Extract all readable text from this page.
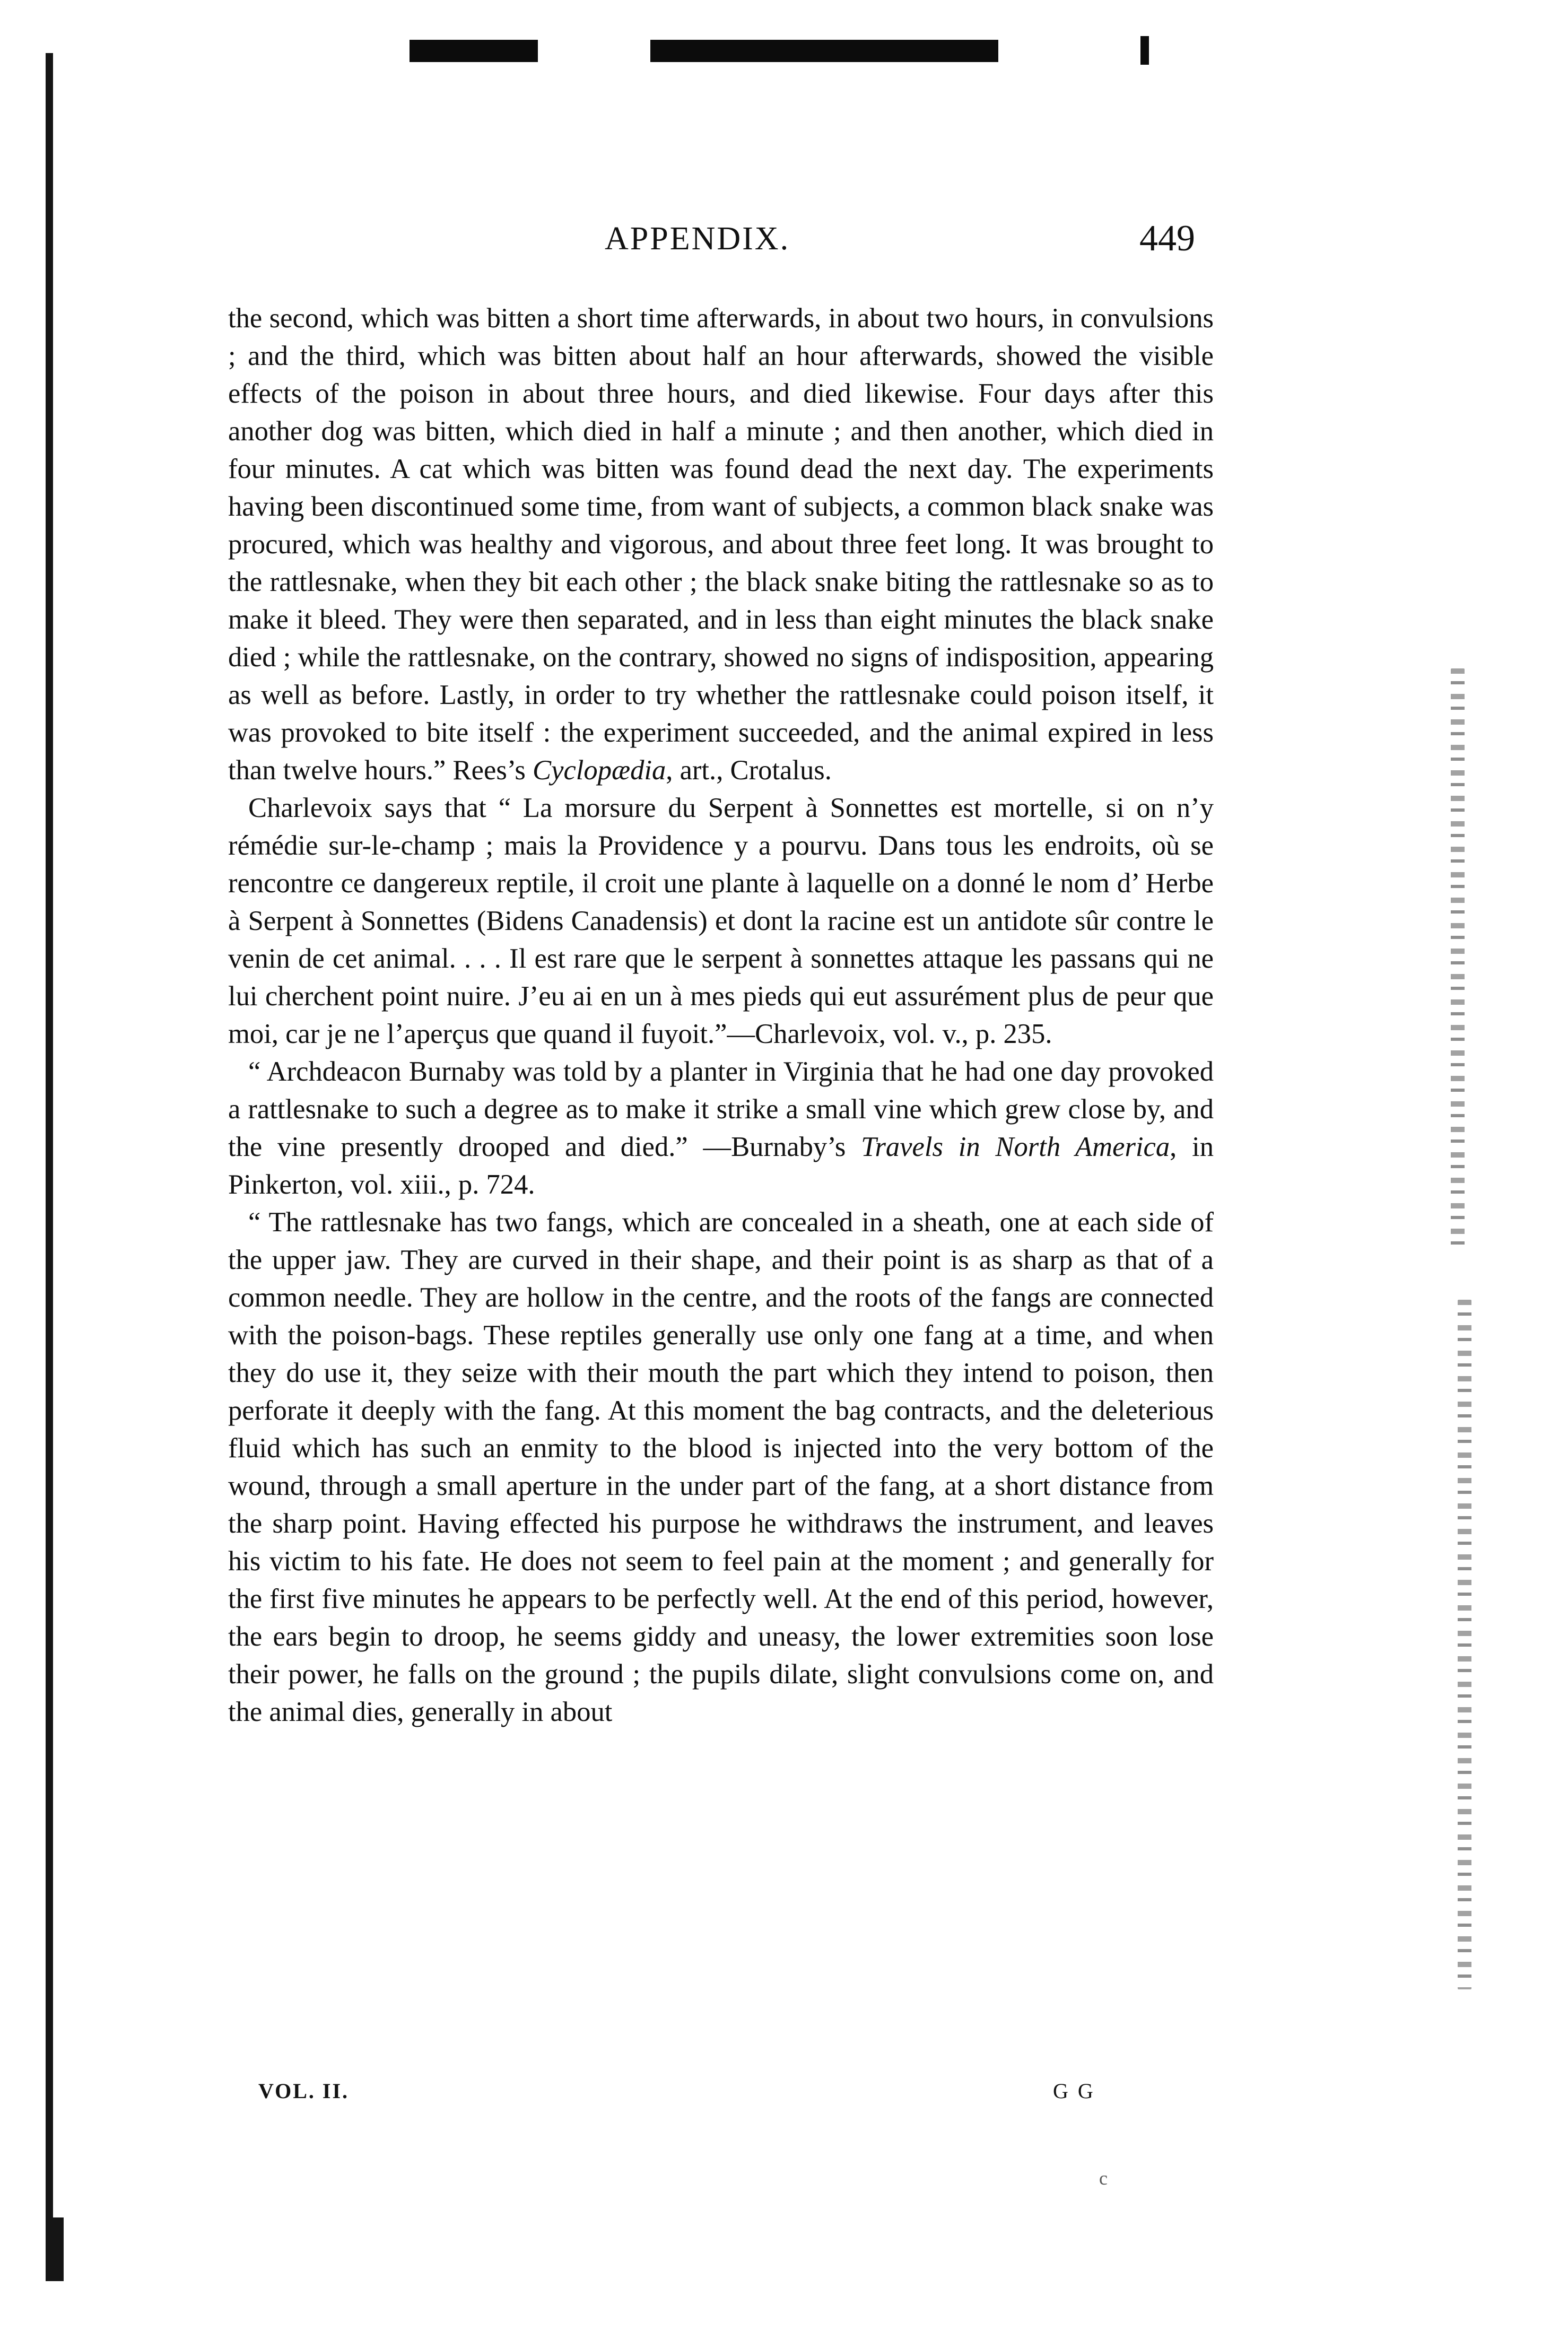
c
APPENDIX.	449

the second, which was bitten a short time afterwards, in about two hours, in convulsions ; and the third, which was bitten about half an hour afterwards, showed the visible effects of the poison in about three hours, and died likewise. Four days after this another dog was bitten, which died in half a minute ; and then another, which died in four minutes. A cat which was bitten was found dead the next day. The experiments having been discontinued some time, from want of subjects, a common black snake was procured, which was healthy and vigorous, and about three feet long. It was brought to the rattlesnake, when they bit each other ; the black snake biting the rattlesnake so as to make it bleed. They were then separated, and in less than eight minutes the black snake died ; while the rattlesnake, on the contrary, showed no signs of indisposition, appearing as well as before. Lastly, in order to try whether the rattlesnake could poison itself, it was provoked to bite itself : the experiment succeeded, and the animal expired in less than twelve hours.” Rees’s Cyclopædia, art., Crotalus.

Charlevoix says that “ La morsure du Serpent à Sonnettes est mortelle, si on n’y rémédie sur-le-champ ; mais la Providence y a pourvu. Dans tous les endroits, où se rencontre ce dangereux reptile, il croit une plante à laquelle on a donné le nom d’ Herbe à Serpent à Sonnettes (Bidens Canadensis) et dont la racine est un antidote sûr contre le venin de cet animal. . . . Il est rare que le serpent à sonnettes attaque les passans qui ne lui cherchent point nuire. J’eu ai en un à mes pieds qui eut assurément plus de peur que moi, car je ne l’aperçus que quand il fuyoit.”—Charlevoix, vol. v., p. 235.

“ Archdeacon Burnaby was told by a planter in Virginia that he had one day provoked a rattlesnake to such a degree as to make it strike a small vine which grew close by, and the vine presently drooped and died.” —Burnaby’s Travels in North America, in Pinkerton, vol. xiii., p. 724.

“ The rattlesnake has two fangs, which are concealed in a sheath, one at each side of the upper jaw. They are curved in their shape, and their point is as sharp as that of a common needle. They are hollow in the centre, and the roots of the fangs are connected with the poison-bags. These reptiles generally use only one fang at a time, and when they do use it, they seize with their mouth the part which they intend to poison, then perforate it deeply with the fang. At this moment the bag contracts, and the deleterious fluid which has such an enmity to the blood is injected into the very bottom of the wound, through a small aperture in the under part of the fang, at a short distance from the sharp point. Having effected his purpose he withdraws the instrument, and leaves his victim to his fate. He does not seem to feel pain at the moment ; and generally for the first five minutes he appears to be perfectly well. At the end of this period, however, the ears begin to droop, he seems giddy and uneasy, the lower extremities soon lose their power, he falls on the ground ; the pupils dilate, slight convulsions come on, and the animal dies, generally in about

VOL. II.	G G
